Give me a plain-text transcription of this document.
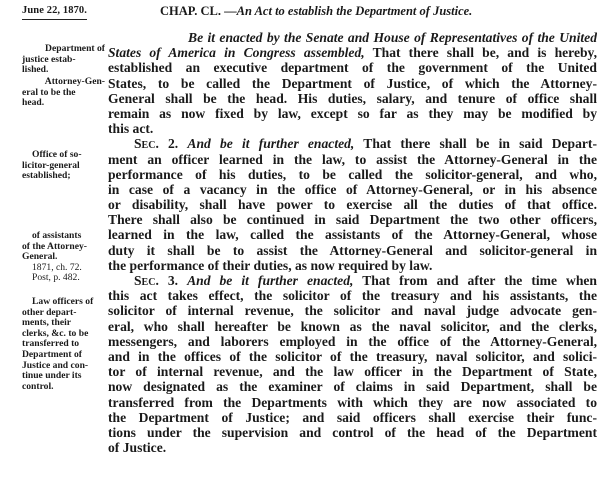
June 22, 1870.	CHAP. CL. —An Act to establish the Department of Justice.
Department of
justice estab-
lished.
Attorney-Gen-
eral to be the
head.
Office of so-
licitor-general
established;
of assistants
of the Attorney-
General.
1871, ch. 72.
Post, p. 482.
Law officers of
other depart-
ments, their
clerks, &c. to be
transferred to
Department of
Justice and con-
tinue under its
control.
Be it enacted by the Senate and House of Representatives of the United
States of America in Congress assembled, That there shall be, and is hereby,
established an executive department of the government of the United
States, to be called the Department of Justice, of which the Attorney-
General shall be the head. His duties, salary, and tenure of office shall
remain as now fixed by law, except so far as they may be modified by
this act.
Sec. 2. And be it further enacted, That there shall be in said Depart-
ment an officer learned in the law, to assist the Attorney-General in the
performance of his duties, to be called the solicitor-general, and who,
in case of a vacancy in the office of Attorney-General, or in his absence
or disability, shall have power to exercise all the duties of that office.
There shall also be continued in said Department the two other officers,
learned in the law, called the assistants of the Attorney-General, whose
duty it shall be to assist the Attorney-General and solicitor-general in
the performance of their duties, as now required by law.
Sec. 3. And be it further enacted, That from and after the time when
this act takes effect, the solicitor of the treasury and his assistants, the
solicitor of internal revenue, the solicitor and naval judge advocate gen-
eral, who shall hereafter be known as the naval solicitor, and the clerks,
messengers, and laborers employed in the office of the Attorney-General,
and in the offices of the solicitor of the treasury, naval solicitor, and solici-
tor of internal revenue, and the law officer in the Department of State,
now designated as the examiner of claims in said Department, shall be
transferred from the Departments with which they are now associated to
the Department of Justice; and said officers shall exercise their func-
tions under the supervision and control of the head of the Department
of Justice.
